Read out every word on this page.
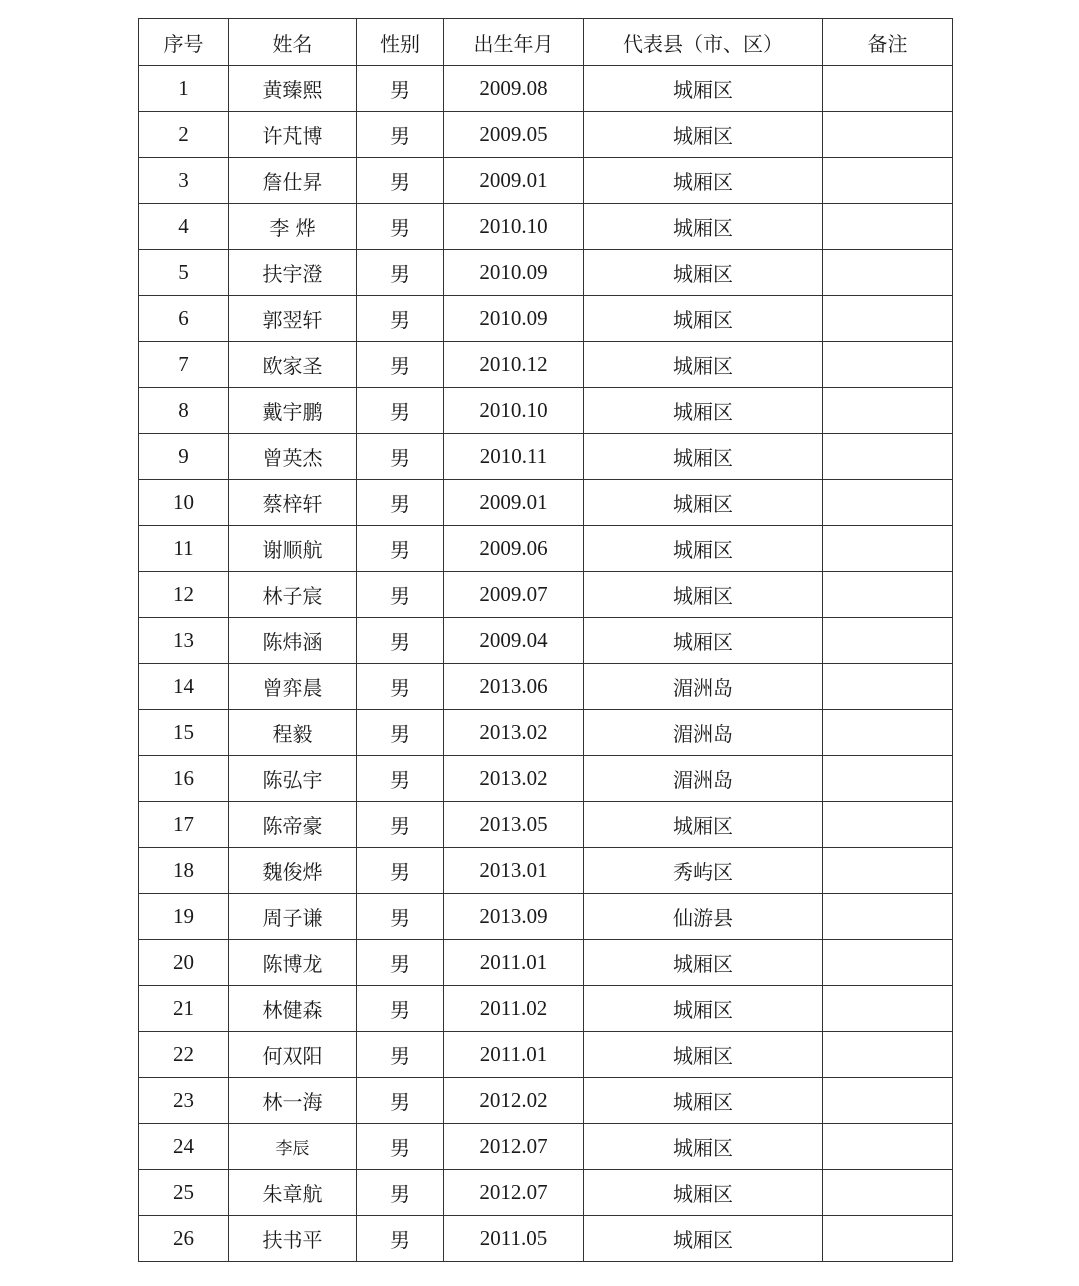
序号	姓名	性别	出生年月	代表县（市、区）	备注
1	黄臻熙	男	2009.08	城厢区	
2	许芃博	男	2009.05	城厢区	
3	詹仕昇	男	2009.01	城厢区	
4	李 烨	男	2010.10	城厢区	
5	扶宇澄	男	2010.09	城厢区	
6	郭翌轩	男	2010.09	城厢区	
7	欧家圣	男	2010.12	城厢区	
8	戴宇鹏	男	2010.10	城厢区	
9	曾英杰	男	2010.11	城厢区	
10	蔡梓轩	男	2009.01	城厢区	
11	谢顺航	男	2009.06	城厢区	
12	林子宸	男	2009.07	城厢区	
13	陈炜涵	男	2009.04	城厢区	
14	曾弈晨	男	2013.06	湄洲岛	
15	程毅	男	2013.02	湄洲岛	
16	陈弘宇	男	2013.02	湄洲岛	
17	陈帝豪	男	2013.05	城厢区	
18	魏俊烨	男	2013.01	秀屿区	
19	周子谦	男	2013.09	仙游县	
20	陈博龙	男	2011.01	城厢区	
21	林健森	男	2011.02	城厢区	
22	何双阳	男	2011.01	城厢区	
23	林一海	男	2012.02	城厢区	
24	李辰	男	2012.07	城厢区	
25	朱章航	男	2012.07	城厢区	
26	扶书平	男	2011.05	城厢区	
